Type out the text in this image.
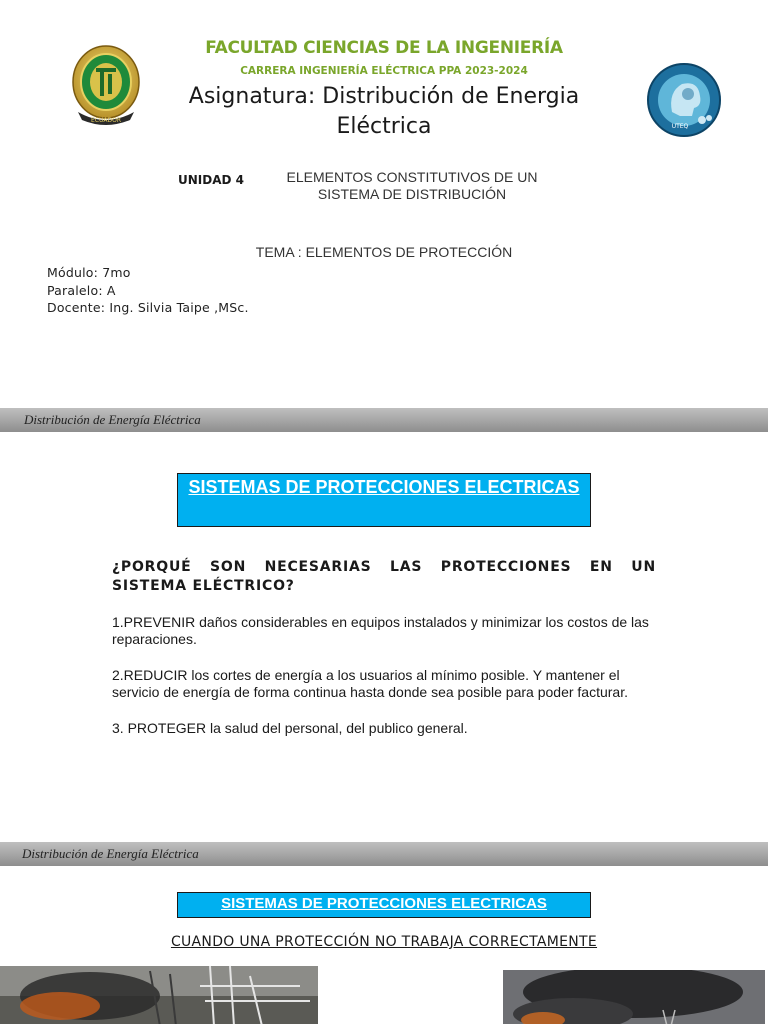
ECUADOR
FACULTAD CIENCIAS DE LA INGENIERÍA
CARRERA INGENIERÍA ELÉCTRICA PPA 2023-2024
Asignatura: Distribución de Energia Eléctrica	UTEQ
UNIDAD 4	ELEMENTOS CONSTITUTIVOS DE UN SISTEMA DE DISTRIBUCIÓN
TEMA : ELEMENTOS DE PROTECCIÓN
Módulo: 7mo
Paralelo: A
Docente: Ing. Silvia Taipe ,MSc.
Distribución de Energía Eléctrica
SISTEMAS DE PROTECCIONES ELECTRICAS
¿PORQUÉ SON NECESARIAS LAS PROTECCIONES EN UN SISTEMA ELÉCTRICO?
1.PREVENIR daños considerables en equipos instalados y minimizar los costos de las reparaciones.
2.REDUCIR los cortes de energía a los usuarios al mínimo posible. Y mantener el servicio de energía de forma continua hasta donde sea posible para poder facturar.
3. PROTEGER la salud del personal, del publico general.
Distribución de Energía Eléctrica
SISTEMAS DE PROTECCIONES ELECTRICAS
CUANDO UNA PROTECCIÓN NO TRABAJA CORRECTAMENTE
